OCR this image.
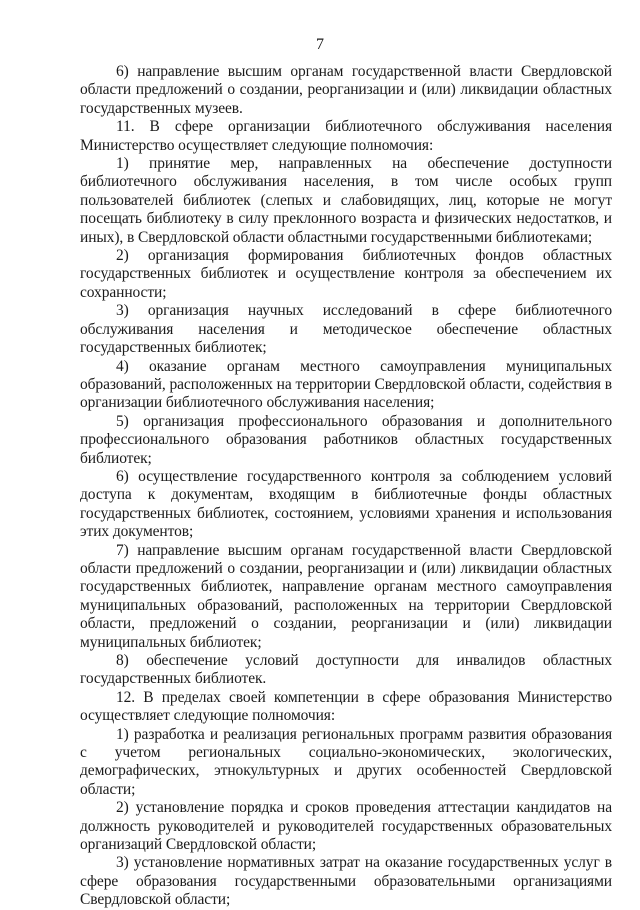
7

6) направление высшим органам государственной власти Свердловской области предложений о создании, реорганизации и (или) ликвидации областных государственных музеев.

11. В сфере организации библиотечного обслуживания населения Министерство осуществляет следующие полномочия:

1) принятие мер, направленных на обеспечение доступности библиотечного обслуживания населения, в том числе особых групп пользователей библиотек (слепых и слабовидящих, лиц, которые не могут посещать библиотеку в силу преклонного возраста и физических недостатков, и иных), в Свердловской области областными государственными библиотеками;

2) организация формирования библиотечных фондов областных государственных библиотек и осуществление контроля за обеспечением их сохранности;

3) организация научных исследований в сфере библиотечного обслуживания населения и методическое обеспечение областных государственных библиотек;

4) оказание органам местного самоуправления муниципальных образований, расположенных на территории Свердловской области, содействия в организации библиотечного обслуживания населения;

5) организация профессионального образования и дополнительного профессионального образования работников областных государственных библиотек;

6) осуществление государственного контроля за соблюдением условий доступа к документам, входящим в библиотечные фонды областных государственных библиотек, состоянием, условиями хранения и использования этих документов;

7) направление высшим органам государственной власти Свердловской области предложений о создании, реорганизации и (или) ликвидации областных государственных библиотек, направление органам местного самоуправления муниципальных образований, расположенных на территории Свердловской области, предложений о создании, реорганизации и (или) ликвидации муниципальных библиотек;

8) обеспечение условий доступности для инвалидов областных государственных библиотек.

12. В пределах своей компетенции в сфере образования Министерство осуществляет следующие полномочия:

1) разработка и реализация региональных программ развития образования с учетом региональных социально-экономических, экологических, демографических, этнокультурных и других особенностей Свердловской области;

2) установление порядка и сроков проведения аттестации кандидатов на должность руководителей и руководителей государственных образовательных организаций Свердловской области;

3) установление нормативных затрат на оказание государственных услуг в сфере образования государственными образовательными организациями Свердловской области;
